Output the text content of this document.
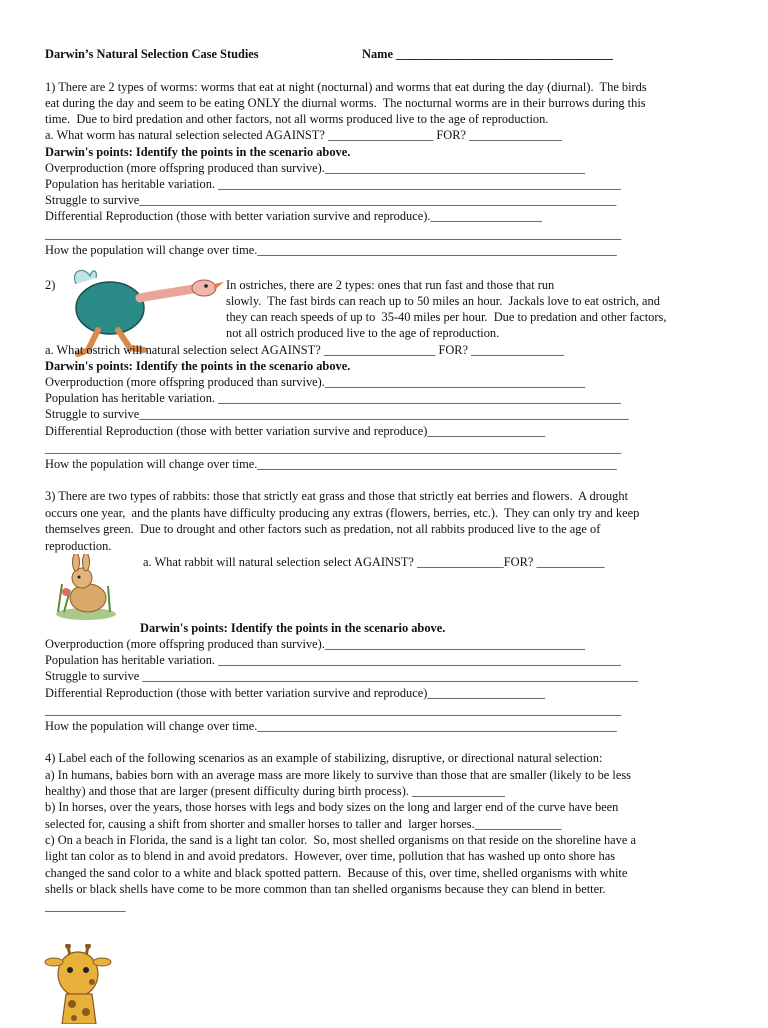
Darwin’s Natural Selection Case Studies	Name ___________________________________
1) There are 2 types of worms: worms that eat at night (nocturnal) and worms that eat during the day (diurnal).  The birds
eat during the day and seem to be eating ONLY the diurnal worms.  The nocturnal worms are in their burrows during this
time.  Due to bird predation and other factors, not all worms produced live to the age of reproduction.
a. What worm has natural selection selected AGAINST? _________________ FOR? _______________
Darwin's points: Identify the points in the scenario above.
Overproduction (more offspring produced than survive).__________________________________________
Population has heritable variation. _________________________________________________________________
Struggle to survive_____________________________________________________________________________
Differential Reproduction (those with better variation survive and reproduce).__________________
_____________________________________________________________________________________________
How the population will change over time.__________________________________________________________
2)	In ostriches, there are 2 types: ones that run fast and those that run
slowly.  The fast birds can reach up to 50 miles an hour.  Jackals love to eat ostrich, and
they can reach speeds of up to  35-40 miles per hour.  Due to predation and other factors,
not all ostrich produced live to the age of reproduction.
a. What ostrich will natural selection select AGAINST? __________________ FOR? _______________
Darwin's points: Identify the points in the scenario above.
Overproduction (more offspring produced than survive).__________________________________________
Population has heritable variation. _________________________________________________________________
Struggle to survive_______________________________________________________________________________
Differential Reproduction (those with better variation survive and reproduce)___________________
_____________________________________________________________________________________________
How the population will change over time.__________________________________________________________
3) There are two types of rabbits: those that strictly eat grass and those that strictly eat berries and flowers.  A drought
occurs one year,  and the plants have difficulty producing any extras (flowers, berries, etc.).  They can only try and keep
themselves green.  Due to drought and other factors such as predation, not all rabbits produced live to the age of
reproduction.
a. What rabbit will natural selection select AGAINST? ______________FOR? ___________
Darwin's points: Identify the points in the scenario above.
Overproduction (more offspring produced than survive).__________________________________________
Population has heritable variation. _________________________________________________________________
Struggle to survive ________________________________________________________________________________
Differential Reproduction (those with better variation survive and reproduce)___________________
_____________________________________________________________________________________________
How the population will change over time.__________________________________________________________
4) Label each of the following scenarios as an example of stabilizing, disruptive, or directional natural selection:
a) In humans, babies born with an average mass are more likely to survive than those that are smaller (likely to be less
healthy) and those that are larger (present difficulty during birth process). _______________
b) In horses, over the years, those horses with legs and body sizes on the long and larger end of the curve have been
selected for, causing a shift from shorter and smaller horses to taller and  larger horses.______________
c) On a beach in Florida, the sand is a light tan color.  So, most shelled organisms on that reside on the shoreline have a
light tan color as to blend in and avoid predators.  However, over time, pollution that has washed up onto shore has
changed the sand color to a white and black spotted pattern.  Because of this, over time, shelled organisms with white
shells or black shells have come to be more common than tan shelled organisms because they can blend in better.
_____________
